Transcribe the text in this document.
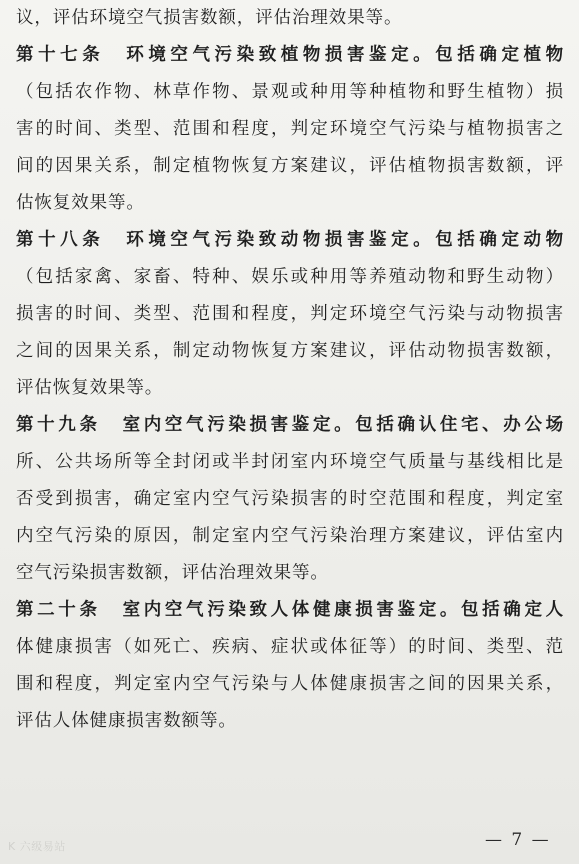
议，评估环境空气损害数额，评估治理效果等。
第十七条 环境空气污染致植物损害鉴定。包括确定植物
（包括农作物、林草作物、景观或种用等种植物和野生植物）损
害的时间、类型、范围和程度，判定环境空气污染与植物损害之
间的因果关系，制定植物恢复方案建议，评估植物损害数额，评
估恢复效果等。
第十八条 环境空气污染致动物损害鉴定。包括确定动物
（包括家禽、家畜、特种、娱乐或种用等养殖动物和野生动物）
损害的时间、类型、范围和程度，判定环境空气污染与动物损害
之间的因果关系，制定动物恢复方案建议，评估动物损害数额，
评估恢复效果等。
第十九条 室内空气污染损害鉴定。包括确认住宅、办公场
所、公共场所等全封闭或半封闭室内环境空气质量与基线相比是
否受到损害，确定室内空气污染损害的时空范围和程度，判定室
内空气污染的原因，制定室内空气污染治理方案建议，评估室内
空气污染损害数额，评估治理效果等。
第二十条 室内空气污染致人体健康损害鉴定。包括确定人
体健康损害（如死亡、疾病、症状或体征等）的时间、类型、范
围和程度，判定室内空气污染与人体健康损害之间的因果关系，
评估人体健康损害数额等。
K 六级易站	— 7 —
